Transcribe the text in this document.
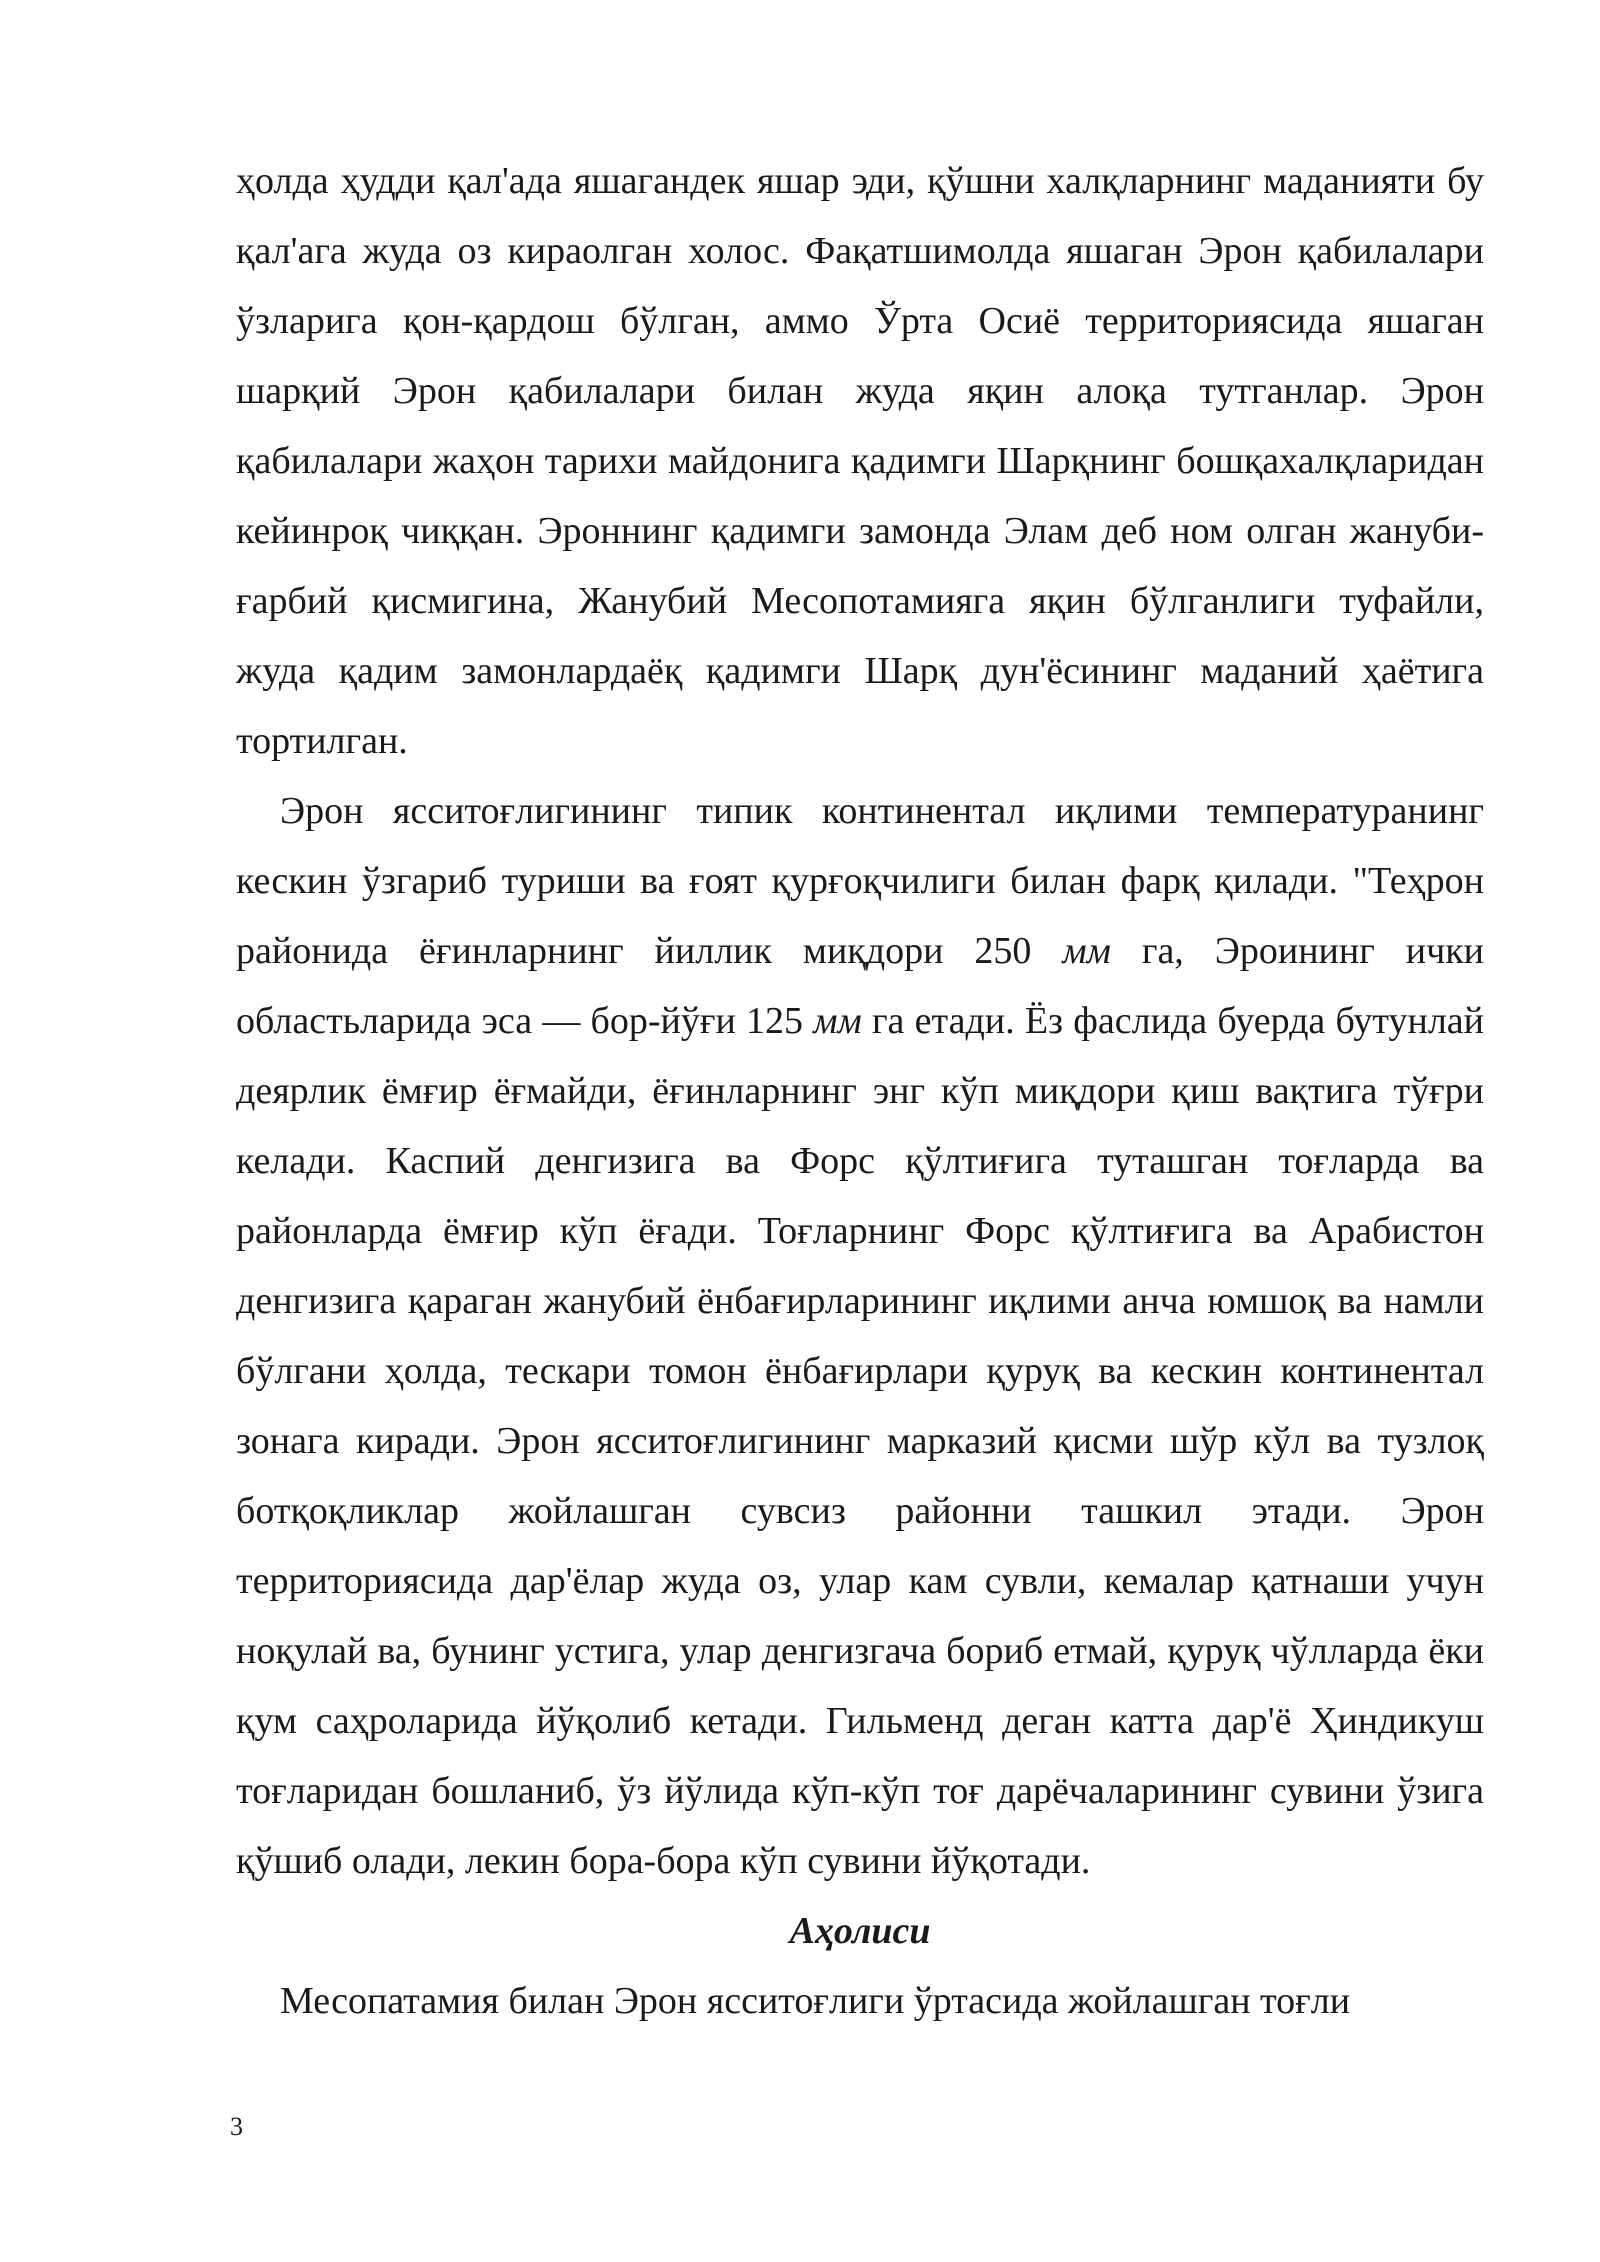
ҳолда ҳудди қал'ада яшагандек яшар эди, қўшни халқларнинг маданияти бу қал'ага жуда оз кираолган холос. Фақатшимолда яшаган Эрон қабилалари ўзларига қон-қардош бўлган, аммо Ўрта Осиё территориясида яшаган шарқий Эрон қабилалари билан жуда яқин алоқа тутганлар. Эрон қабилалари жаҳон тарихи майдонига қадимги Шарқнинг бошқахалқларидан кейинроқ чиққан. Эроннинг қадимги замонда Элам деб ном олган жануби-ғарбий қисмигина, Жанубий Месопотамияга яқин бўлганлиги туфайли, жуда қадим замонлардаёқ қадимги Шарқ дун'ёсининг маданий ҳаётига тортилган.

Эрон ясситоғлигининг типик континентал иқлими температуранинг кескин ўзгариб туриши ва ғоят қурғоқчилиги билан фарқ қилади. "Теҳрон районида ёғинларнинг йиллик миқдори 250 мм га, Эроининг ички областьларида эса — бор-йўғи 125 мм га етади. Ёз фаслида буерда бутунлай деярлик ёмғир ёғмайди, ёғинларнинг энг кўп миқдори қиш вақтига тўғри келади. Каспий денгизига ва Форс қўлтиғига туташган тоғларда ва районларда ёмғир кўп ёғади. Тоғларнинг Форс қўлтиғига ва Арабистон денгизига қараган жанубий ёнбағирларининг иқлими анча юмшоқ ва намли бўлгани ҳолда, тескари томон ёнбағирлари қуруқ ва кескин континентал зонага киради. Эрон ясситоғлигининг марказий қисми шўр кўл ва тузлоқ ботқоқликлар жойлашган сувсиз районни ташкил этади. Эрон территориясида дар'ёлар жуда оз, улар кам сувли, кемалар қатнаши учун ноқулай ва, бунинг устига, улар денгизгача бориб етмай, қуруқ чўлларда ёки қум саҳроларида йўқолиб кетади. Гильменд деган катта дар'ё Ҳиндикуш тоғларидан бошланиб, ўз йўлида кўп-кўп тоғ дарёчаларининг сувини ўзига қўшиб олади, лекин бора-бора кўп сувини йўқотади.

Аҳолиси

Месопатамия билан Эрон ясситоғлиги ўртасида жойлашган тоғли

3
